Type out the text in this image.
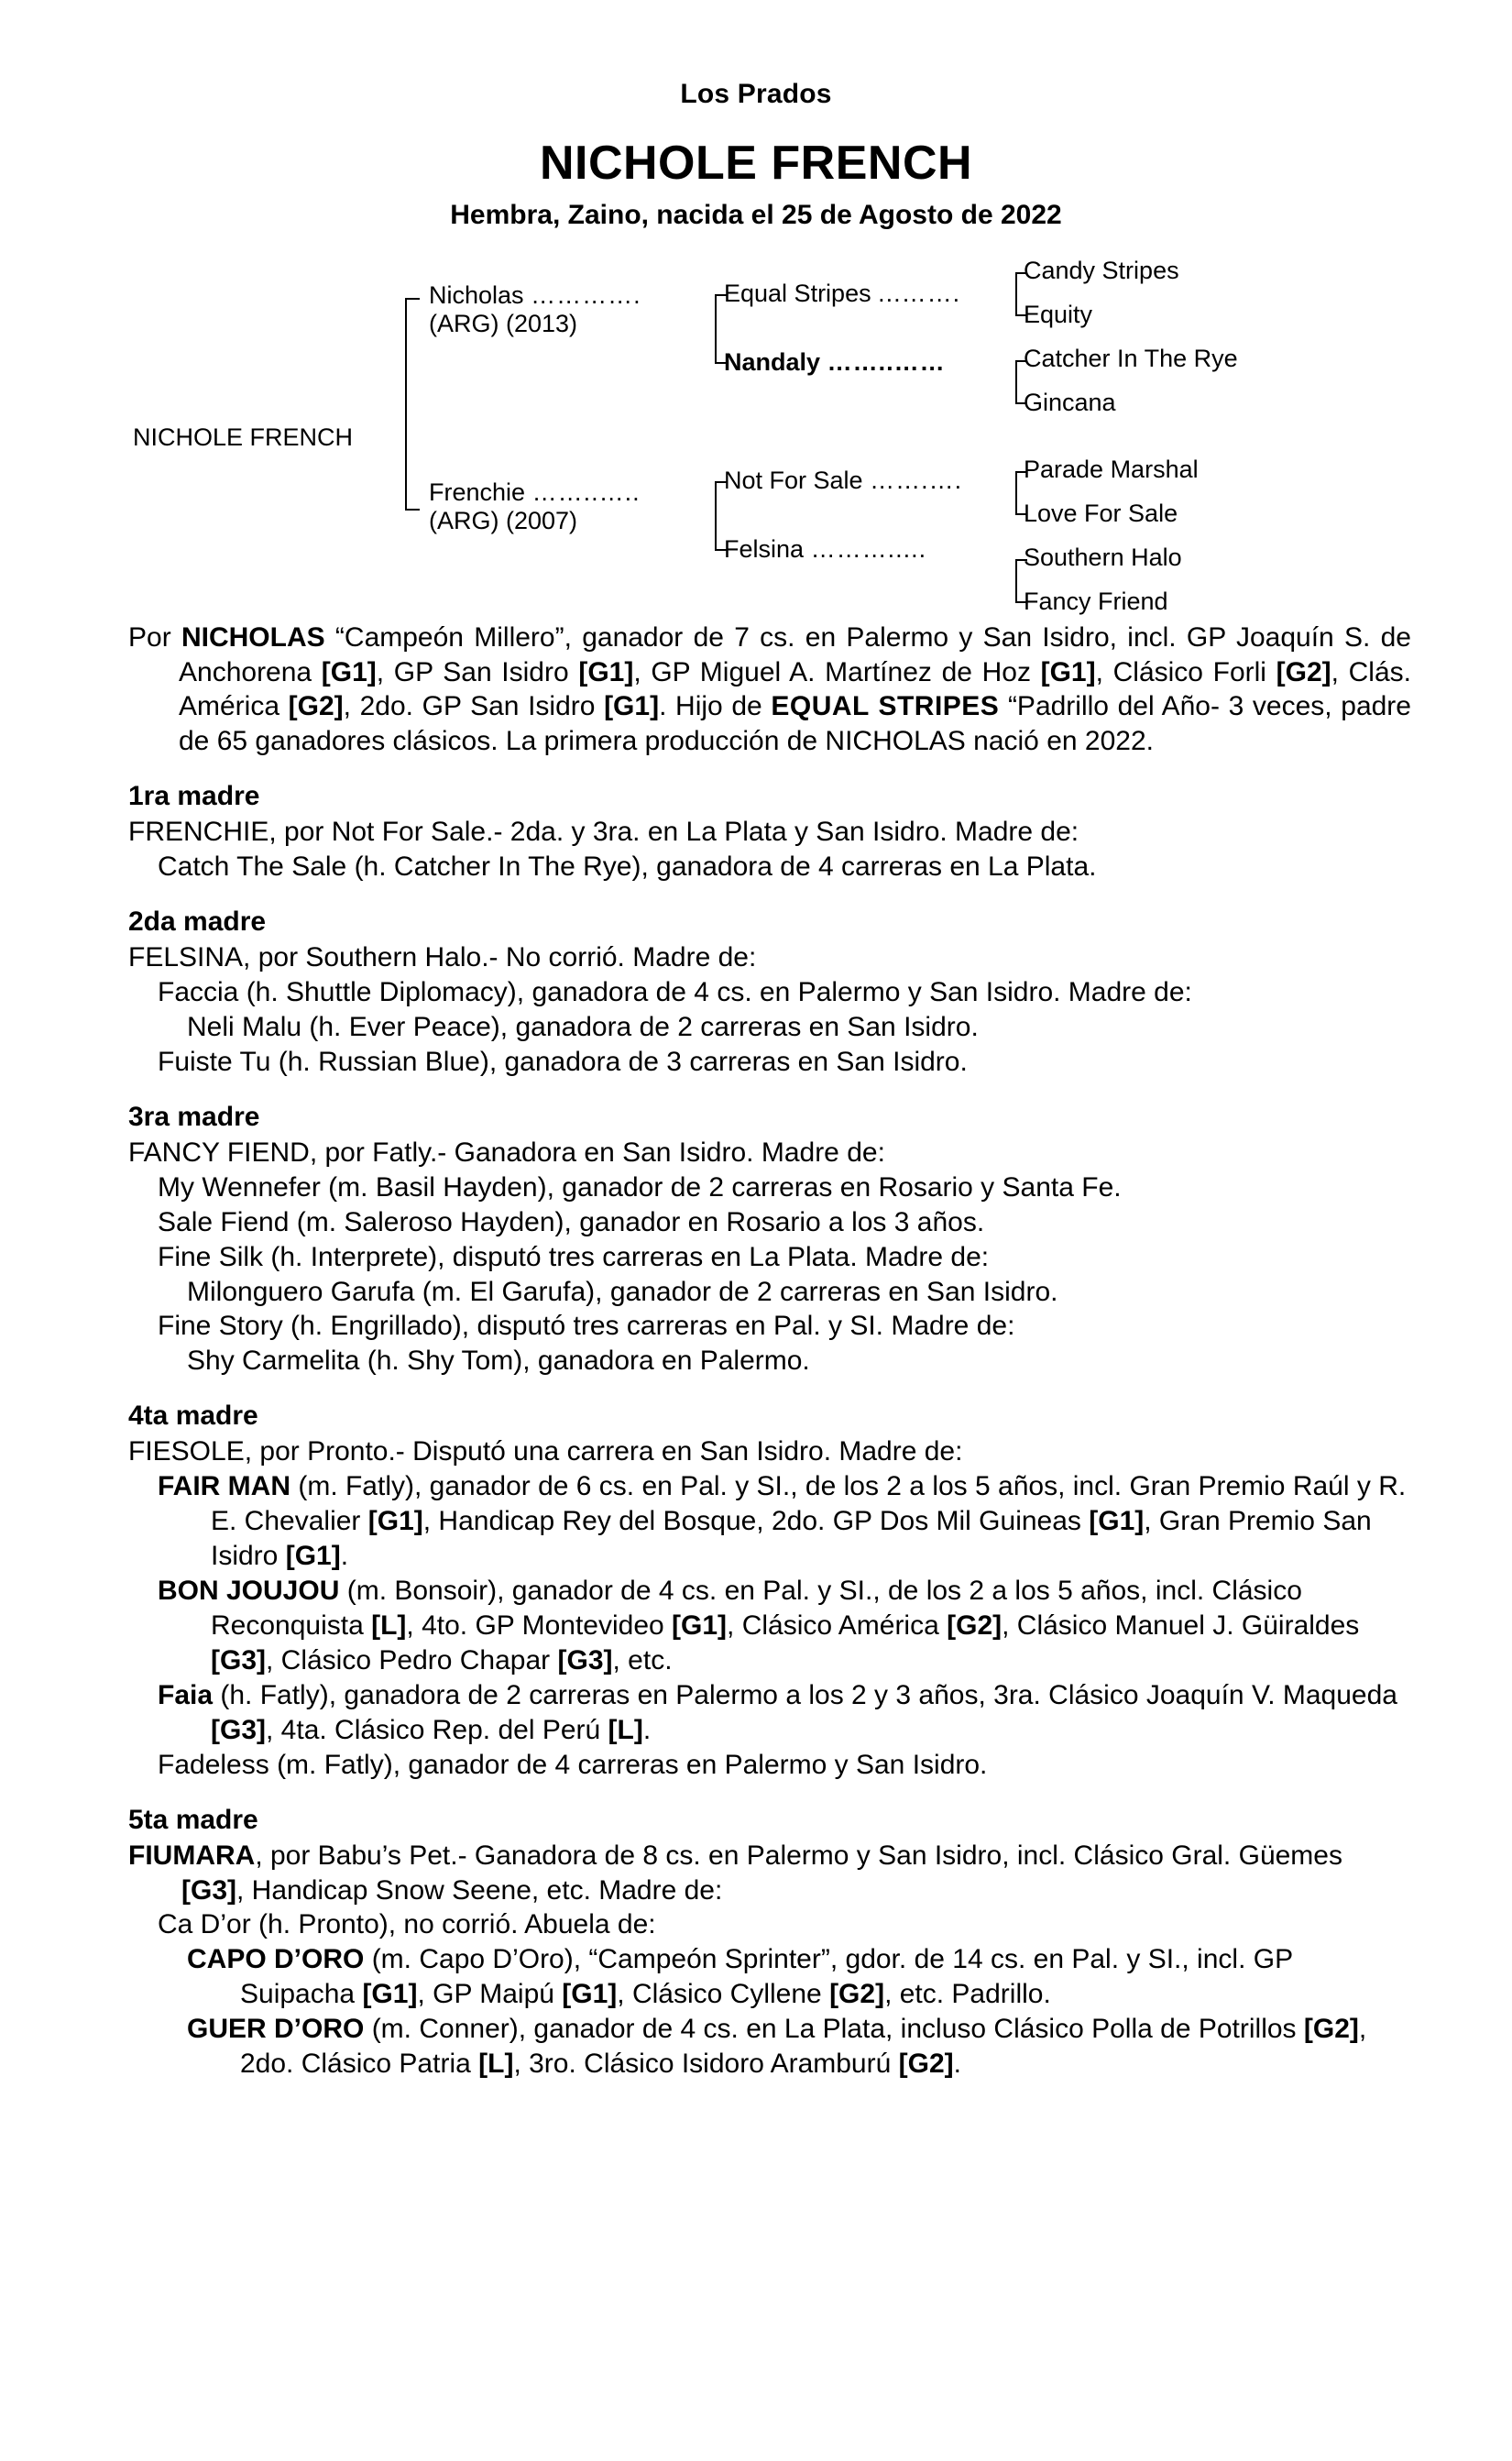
Los Prados
NICHOLE FRENCH
Hembra, Zaino, nacida el 25 de Agosto de 2022
NICHOLE FRENCH
Nicholas ………….
(ARG) (2013)
Frenchie ……..…..
(ARG) (2007)
Equal Stripes ...…….
Nandaly ……..……
Not For Sale …….….
Felsina ……….....
Candy Stripes
Equity
Catcher In The Rye
Gincana
Parade Marshal
Love For Sale
Southern Halo
Fancy Friend

Por NICHOLAS “Campeón Millero”, ganador de 7 cs. en Palermo y San Isidro, incl. GP Joaquín S. de Anchorena [G1], GP San Isidro [G1], GP Miguel A. Martínez de Hoz [G1], Clásico Forli [G2], Clás. América [G2], 2do. GP San Isidro [G1]. Hijo de EQUAL STRIPES “Padrillo del Año- 3 veces, padre de 65 ganadores clásicos. La primera producción de NICHOLAS nació en 2022.

1ra madre

FRENCHIE, por Not For Sale.- 2da. y 3ra. en La Plata y San Isidro. Madre de:

Catch The Sale (h. Catcher In The Rye), ganadora de 4 carreras en La Plata.

2da madre

FELSINA, por Southern Halo.- No corrió. Madre de:

Faccia (h. Shuttle Diplomacy), ganadora de 4 cs. en Palermo y San Isidro. Madre de:

Neli Malu (h. Ever Peace), ganadora de 2 carreras en San Isidro.

Fuiste Tu (h. Russian Blue), ganadora de 3 carreras en San Isidro.

3ra madre

FANCY FIEND, por Fatly.- Ganadora en San Isidro. Madre de:

My Wennefer (m. Basil Hayden), ganador de 2 carreras en Rosario y Santa Fe.

Sale Fiend (m. Saleroso Hayden), ganador en Rosario a los 3 años.

Fine Silk (h. Interprete), disputó tres carreras en La Plata. Madre de:

Milonguero Garufa (m. El Garufa), ganador de 2 carreras en San Isidro.

Fine Story (h. Engrillado), disputó tres carreras en Pal. y SI. Madre de:

Shy Carmelita (h. Shy Tom), ganadora en Palermo.

4ta madre

FIESOLE, por Pronto.- Disputó una carrera en San Isidro. Madre de:

FAIR MAN (m. Fatly), ganador de 6 cs. en Pal. y SI., de los 2 a los 5 años, incl. Gran Premio Raúl y R. E. Chevalier [G1], Handicap Rey del Bosque, 2do. GP Dos Mil Guineas [G1], Gran Premio San Isidro [G1].

BON JOUJOU (m. Bonsoir), ganador de 4 cs. en Pal. y SI., de los 2 a los 5 años, incl. Clásico Reconquista [L], 4to. GP Montevideo [G1], Clásico América [G2], Clásico Manuel J. Güiraldes [G3], Clásico Pedro Chapar [G3], etc.

Faia (h. Fatly), ganadora de 2 carreras en Palermo a los 2 y 3 años, 3ra. Clásico Joaquín V. Maqueda [G3], 4ta. Clásico Rep. del Perú [L].

Fadeless (m. Fatly), ganador de 4 carreras en Palermo y San Isidro.

5ta madre

FIUMARA, por Babu’s Pet.- Ganadora de 8 cs. en Palermo y San Isidro, incl. Clásico Gral. Güemes [G3], Handicap Snow Seene, etc. Madre de:

Ca D’or (h. Pronto), no corrió. Abuela de:

CAPO D’ORO (m. Capo D’Oro), “Campeón Sprinter”, gdor. de 14 cs. en Pal. y SI., incl. GP Suipacha [G1], GP Maipú [G1], Clásico Cyllene [G2], etc. Padrillo.

GUER D’ORO (m. Conner), ganador de 4 cs. en La Plata, incluso Clásico Polla de Potrillos [G2], 2do. Clásico Patria [L], 3ro. Clásico Isidoro Aramburú [G2].
